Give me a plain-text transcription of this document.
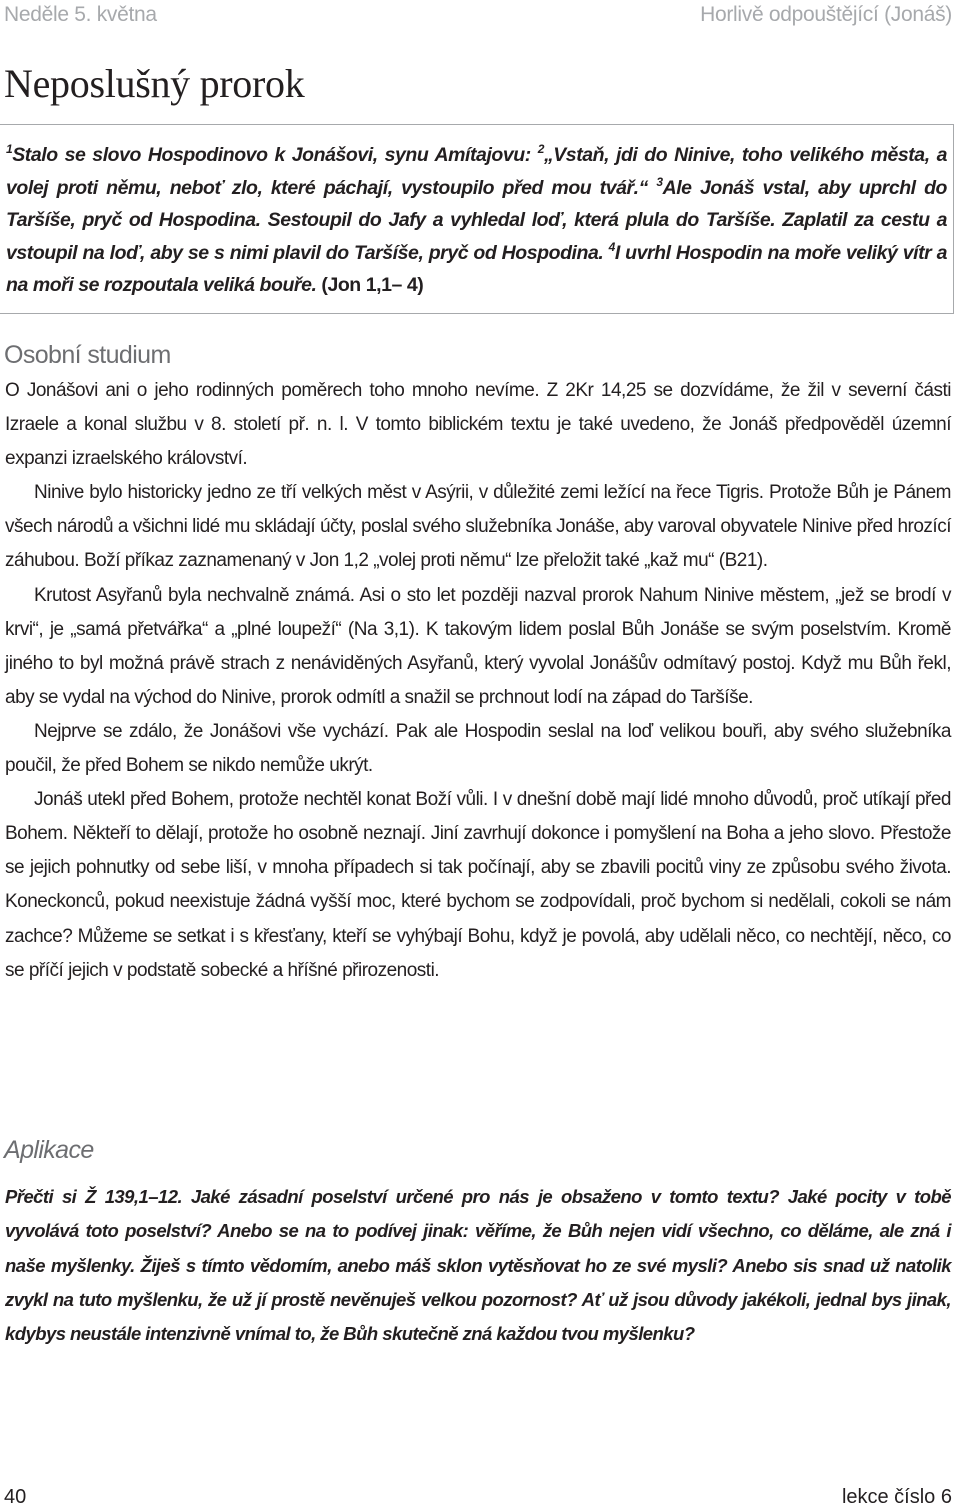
Neděle 5. května	Horlivě odpouštějící (Jonáš)
Neposlušný prorok

$^1$Stalo se slovo Hospodinovo k Jonášovi, synu Amítajovu: $^2$„Vstaň, jdi do Ninive, toho velikého města, a volej proti němu, neboť zlo, které páchají, vystoupilo před mou tvář.“ $^3$Ale Jonáš vstal, aby uprchl do Taršíše, pryč od Hospodina. Sestoupil do Jafy a vyhledal loď, která plula do Taršíše. Zaplatil za cestu a vstoupil na loď, aby se s nimi plavil do Taršíše, pryč od Hospodina. $^4$I uvrhl Hospodin na moře veliký vítr a na moři se rozpoutala veliká bouře. (Jon 1,1– 4)

Osobní studium

O Jonášovi ani o jeho rodinných poměrech toho mnoho nevíme. Z 2Kr 14,25 se dozvídáme, že žil v severní části Izraele a konal službu v 8. století př. n. l. V tomto biblickém textu je také uvedeno, že Jonáš předpověděl územní expanzi izraelského království.

Ninive bylo historicky jedno ze tří velkých měst v Asýrii, v důležité zemi ležící na řece Tigris. Protože Bůh je Pánem všech národů a všichni lidé mu skládají účty, poslal svého služebníka Jonáše, aby varoval obyvatele Ninive před hrozící záhubou. Boží příkaz zaznamenaný v Jon 1,2 „volej proti němu“ lze přeložit také „kaž mu“ (B21).

Krutost Asyřanů byla nechvalně známá. Asi o sto let později nazval prorok Nahum Ninive městem, „jež se brodí v krvi“, je „samá přetvářka“ a „plné loupeží“ (Na 3,1). K takovým lidem poslal Bůh Jonáše se svým poselstvím. Kromě jiného to byl možná právě strach z nenáviděných Asyřanů, který vyvolal Jonášův odmítavý postoj. Když mu Bůh řekl, aby se vydal na východ do Ninive, prorok odmítl a snažil se prchnout lodí na západ do Taršíše.

Nejprve se zdálo, že Jonášovi vše vychází. Pak ale Hospodin seslal na loď velikou bouři, aby svého služebníka poučil, že před Bohem se nikdo nemůže ukrýt.

Jonáš utekl před Bohem, protože nechtěl konat Boží vůli. I v dnešní době mají lidé mnoho důvodů, proč utíkají před Bohem. Někteří to dělají, protože ho osobně neznají. Jiní zavrhují dokonce i pomyšlení na Boha a jeho slovo. Přestože se jejich pohnutky od sebe liší, v mnoha případech si tak počínají, aby se zbavili pocitů viny ze způsobu svého života. Koneckonců, pokud neexistuje žádná vyšší moc, které bychom se zodpovídali, proč bychom si nedělali, cokoli se nám zachce? Můžeme se setkat i s křesťany, kteří se vyhýbají Bohu, když je povolá, aby udělali něco, co nechtějí, něco, co se příčí jejich v podstatě sobecké a hříšné přirozenosti.

Aplikace

Přečti si Ž 139,1–12. Jaké zásadní poselství určené pro nás je obsaženo v tomto textu? Jaké pocity v tobě vyvolává toto poselství? Anebo se na to podívej jinak: věříme, že Bůh nejen vidí všechno, co děláme, ale zná i naše myšlenky. Žiješ s tímto vědomím, anebo máš sklon vytěsňovat ho ze své mysli? Anebo sis snad už natolik zvykl na tuto myšlenku, že už jí prostě nevěnuješ velkou pozornost? Ať už jsou důvody jakékoli, jednal bys jinak, kdybys neustále intenzivně vnímal to, že Bůh skutečně zná každou tvou myšlenku?

40	lekce číslo 6
